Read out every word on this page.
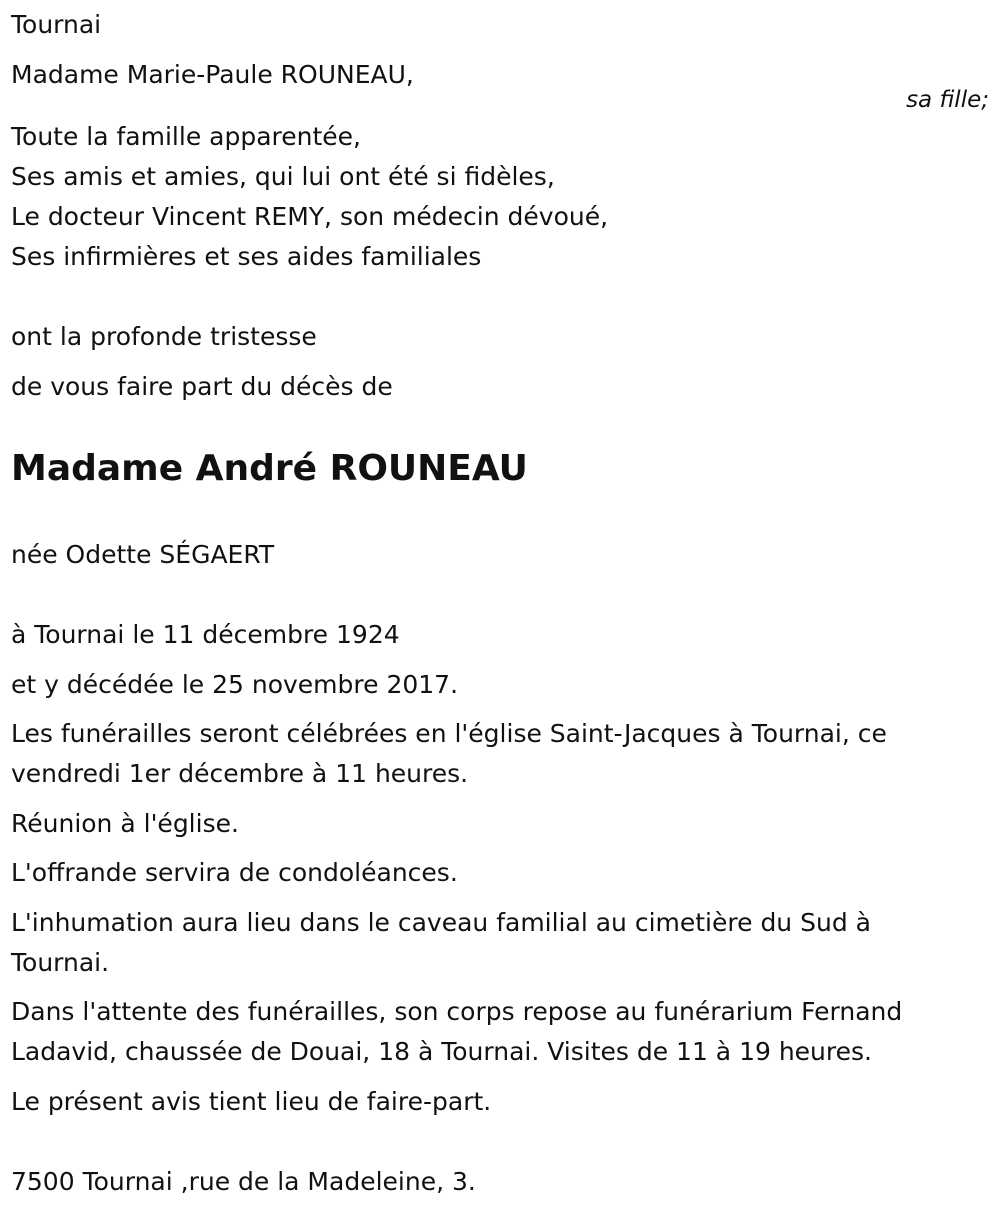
Tournai
Madame Marie-Paule ROUNEAU,
Toute la famille apparentée,
Ses amis et amies, qui lui ont été si fidèles,
Le docteur Vincent REMY, son médecin dévoué,
Ses infirmières et ses aides familiales
ont la profonde tristesse
de vous faire part du décès de
Madame André ROUNEAU
née Odette SÉGAERT
à Tournai le 11 décembre 1924
et y décédée le 25 novembre 2017.
Les funérailles seront célébrées en l'église Saint-Jacques à Tournai, ce
vendredi 1er décembre à 11 heures.
Réunion à l'église.
L'offrande servira de condoléances.
L'inhumation aura lieu dans le caveau familial au cimetière du Sud à
Tournai.
Dans l'attente des funérailles, son corps repose au funérarium Fernand
Ladavid, chaussée de Douai, 18 à Tournai. Visites de 11 à 19 heures.
Le présent avis tient lieu de faire-part.
7500 Tournai ,rue de la Madeleine, 3.
sa fille;
